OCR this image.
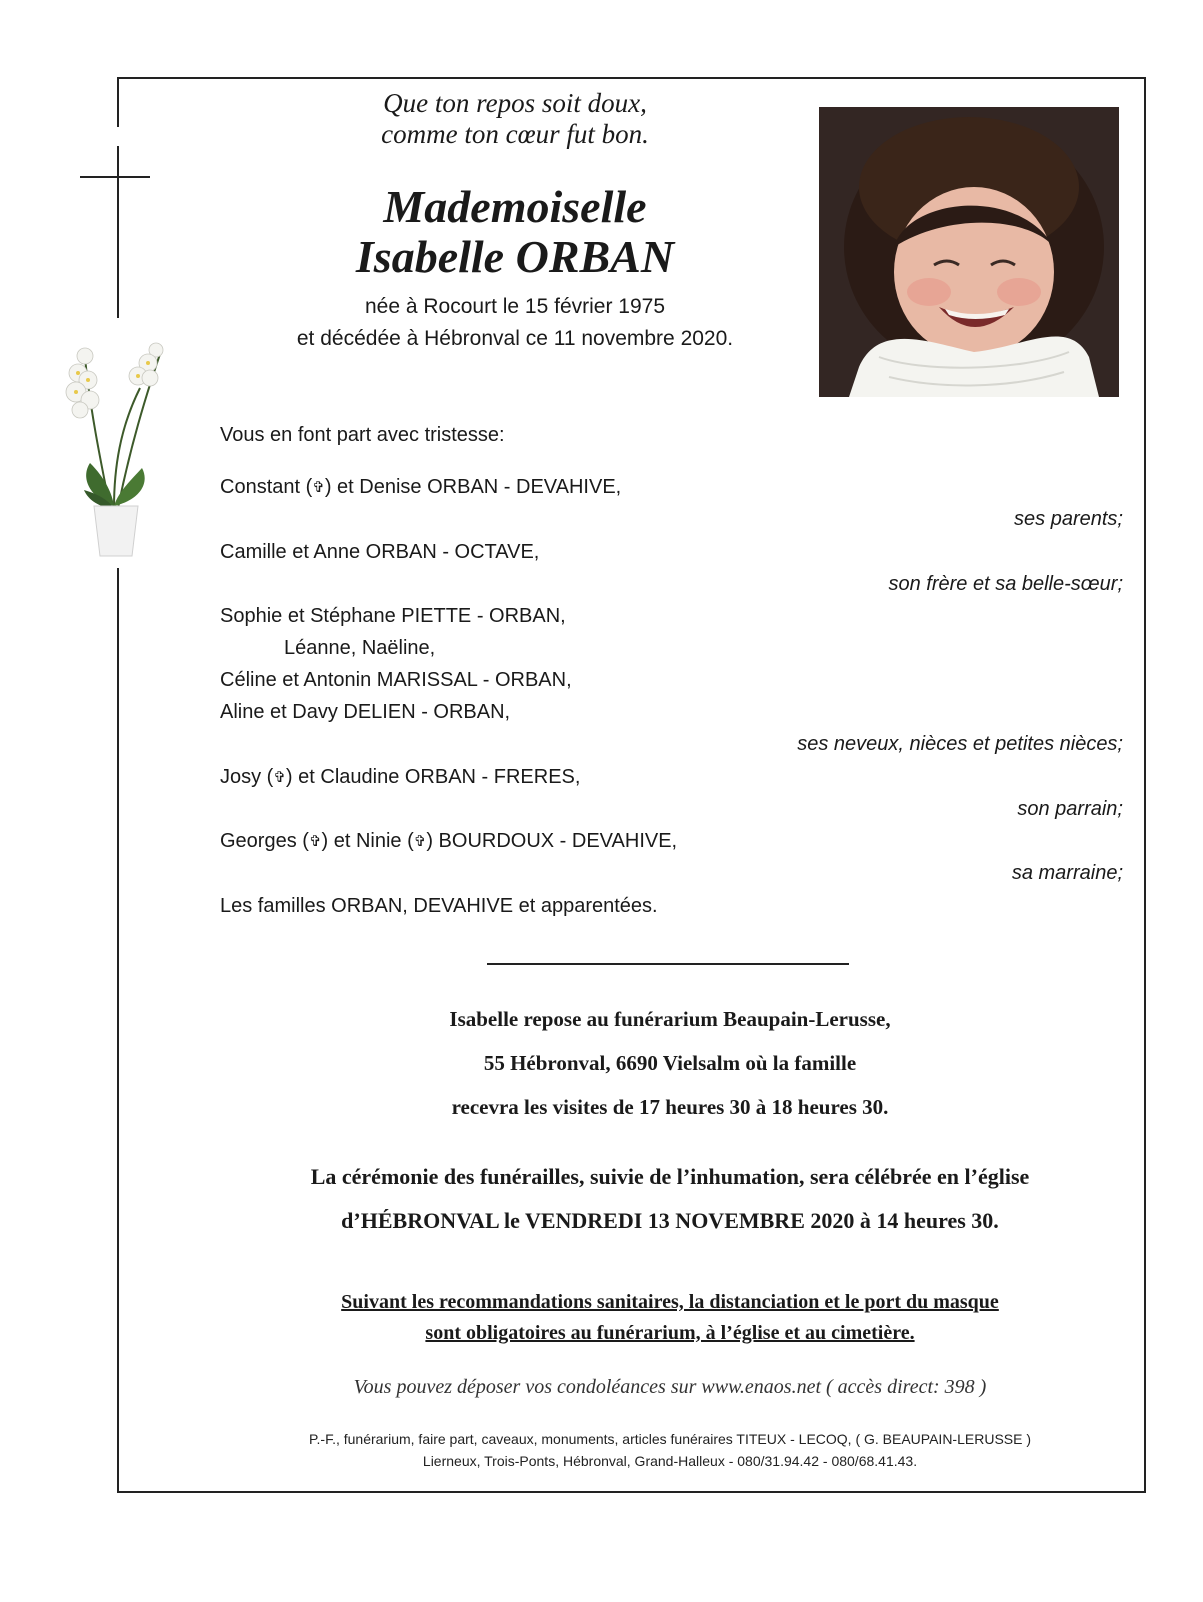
Que ton repos soit doux,
comme ton cœur fut bon.
Mademoiselle
Isabelle ORBAN
née à Rocourt le 15 février 1975
et décédée à Hébronval ce 11 novembre 2020.
Vous en font part avec tristesse:
Constant (✞) et Denise ORBAN - DEVAHIVE,
ses parents;
Camille et Anne ORBAN - OCTAVE,
son frère et sa belle-sœur;
Sophie et Stéphane PIETTE - ORBAN,
Léanne, Naëline,
Céline et Antonin MARISSAL - ORBAN,
Aline et Davy DELIEN - ORBAN,
ses neveux, nièces et petites nièces;
Josy (✞) et Claudine ORBAN - FRERES,
son parrain;
Georges (✞) et Ninie (✞) BOURDOUX - DEVAHIVE,
sa marraine;
Les familles ORBAN, DEVAHIVE et apparentées.
Isabelle repose au funérarium Beaupain-Lerusse,
55 Hébronval, 6690 Vielsalm où la famille
recevra les visites de 17 heures 30 à 18 heures 30.
La cérémonie des funérailles, suivie de l’inhumation, sera célébrée en l’église
d’HÉBRONVAL le VENDREDI 13 NOVEMBRE 2020 à 14 heures 30.
Suivant les recommandations sanitaires, la distanciation et le port du masque
sont obligatoires au funérarium, à l’église et au cimetière.
Vous pouvez déposer vos condoléances sur www.enaos.net ( accès direct: 398 )
P.-F., funérarium, faire part, caveaux, monuments, articles funéraires TITEUX - LECOQ, ( G. BEAUPAIN-LERUSSE )
Lierneux, Trois-Ponts, Hébronval, Grand-Halleux - 080/31.94.42 - 080/68.41.43.
